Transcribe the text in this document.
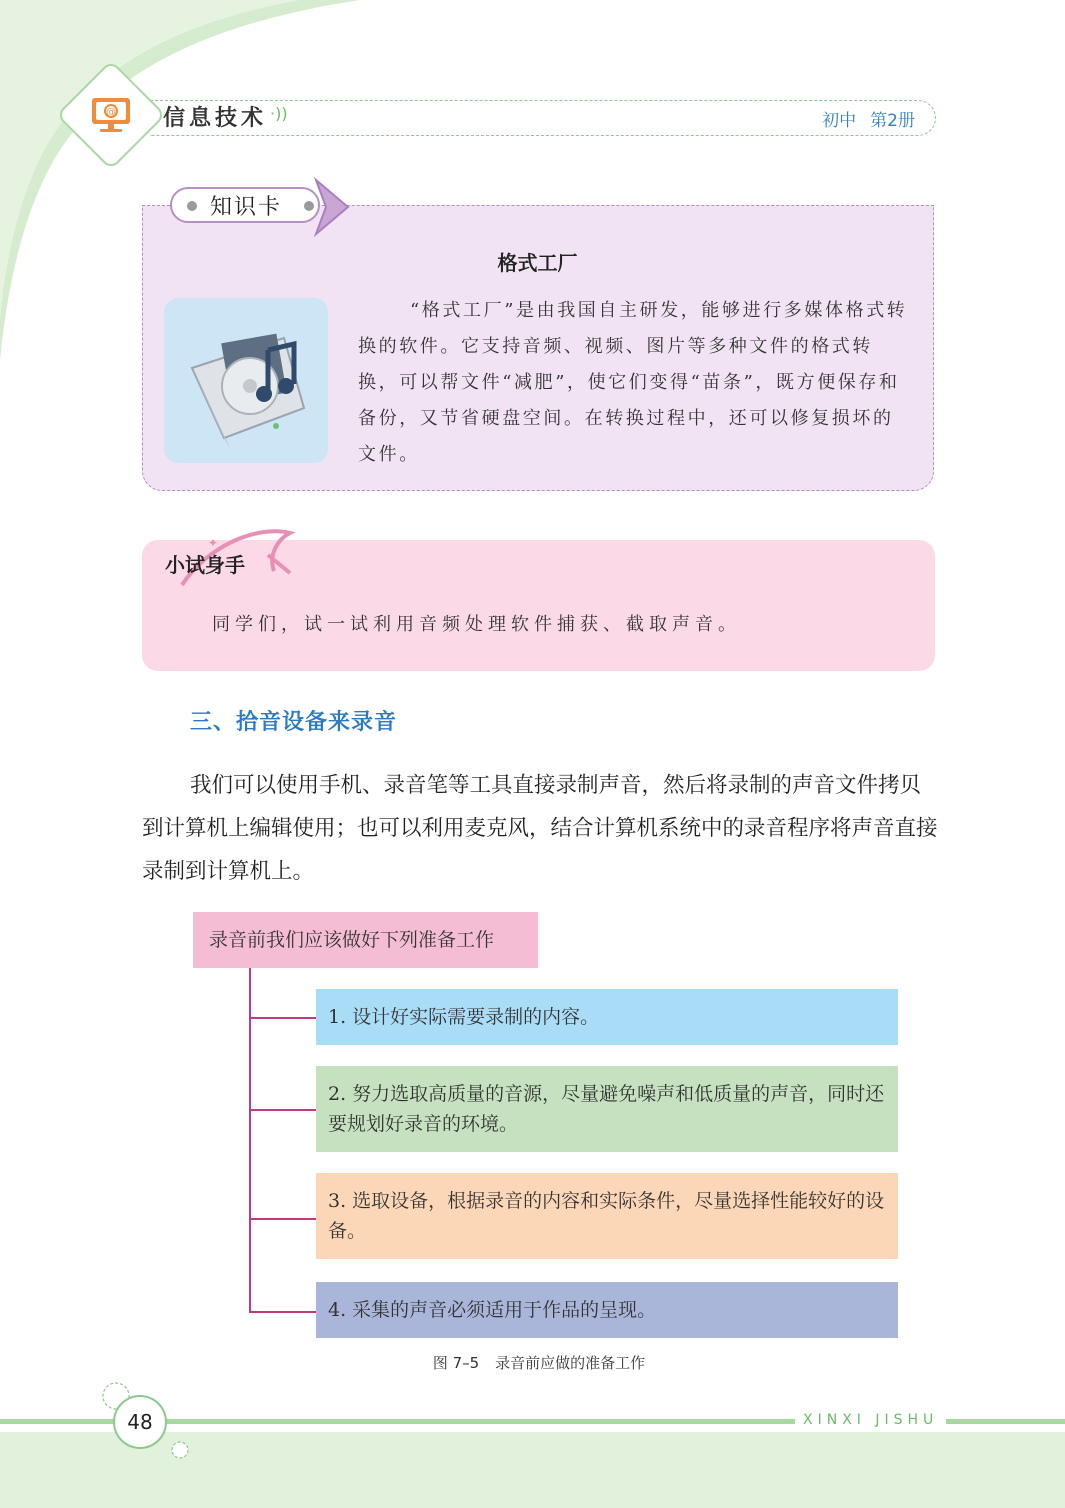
@ 信息技术 ·))	初中 第2册
知识卡
格式工厂
“格式工厂”是由我国自主研发，能够进行多媒体格式转换的软件。它支持音频、视频、图片等多种文件的格式转换，可以帮文件“减肥”，使它们变得“苗条”，既方便保存和备份，又节省硬盘空间。在转换过程中，还可以修复损坏的文件。
✦
小试身手
同学们，试一试利用音频处理软件捕获、截取声音。
三、拾音设备来录音
我们可以使用手机、录音笔等工具直接录制声音，然后将录制的声音文件拷贝到计算机上编辑使用；也可以利用麦克风，结合计算机系统中的录音程序将声音直接录制到计算机上。
录音前我们应该做好下列准备工作
1. 设计好实际需要录制的内容。
2. 努力选取高质量的音源，尽量避免噪声和低质量的声音，同时还要规划好录音的环境。
3. 选取设备，根据录音的内容和实际条件，尽量选择性能较好的设备。
4. 采集的声音必须适用于作品的呈现。
图 7–5 录音前应做的准备工作
48	XINXI JISHU
